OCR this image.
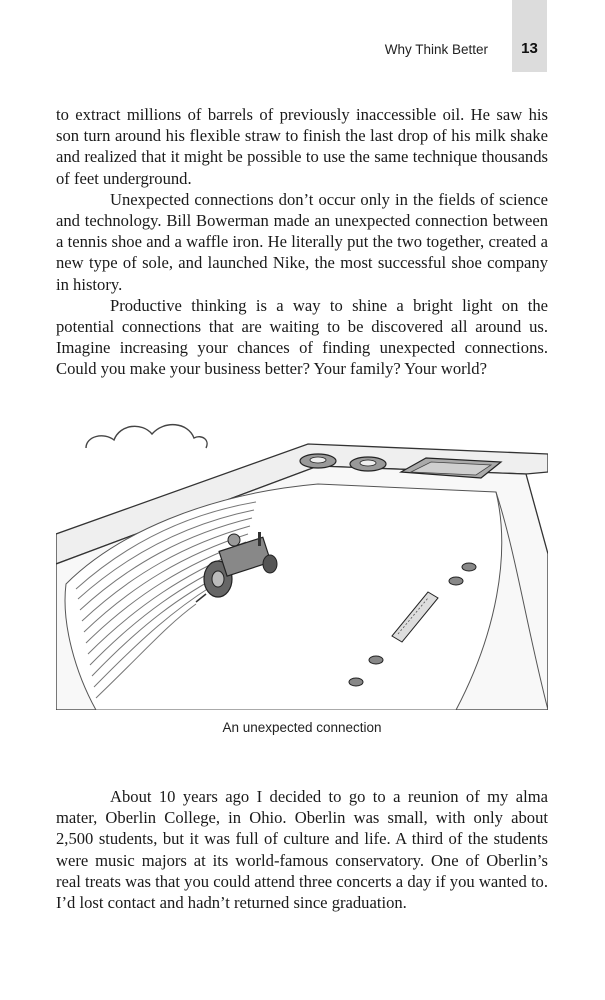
Why Think Better	13

to extract millions of barrels of previously inaccessible oil. He saw his son turn around his flexible straw to finish the last drop of his milk shake and realized that it might be possible to use the same technique thousands of feet underground.

Unexpected connections don’t occur only in the fields of science and technology. Bill Bowerman made an unexpected connection between a tennis shoe and a waffle iron. He literally put the two together, created a new type of sole, and launched Nike, the most successful shoe company in history.

Productive thinking is a way to shine a bright light on the potential connections that are waiting to be discovered all around us. Imagine increasing your chances of finding unexpected connections. Could you make your business better? Your family? Your world?

An unexpected connection

About 10 years ago I decided to go to a reunion of my alma mater, Oberlin College, in Ohio. Oberlin was small, with only about 2,500 students, but it was full of culture and life. A third of the students were music majors at its world-famous conservatory. One of Oberlin’s real treats was that you could attend three concerts a day if you wanted to. I’d lost contact and hadn’t returned since graduation.
